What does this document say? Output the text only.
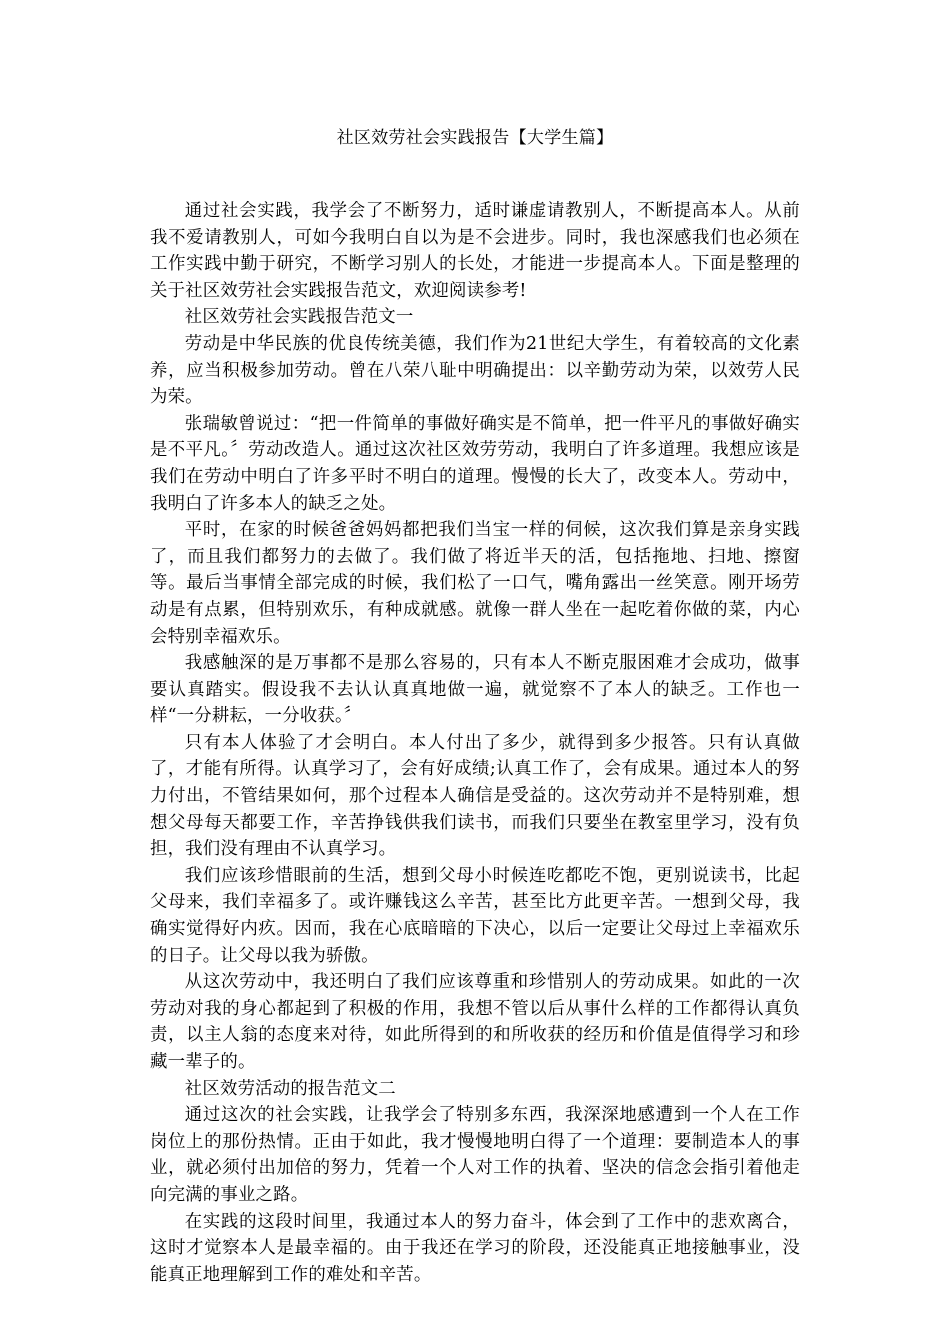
社区效劳社会实践报告【大学生篇】

通过社会实践，我学会了不断努力，适时谦虚请教别人，不断提高本人。从前我不爱请教别人，可如今我明白自以为是不会进步。同时，我也深感我们也必须在工作实践中勤于研究，不断学习别人的长处，才能进一步提高本人。下面是整理的关于社区效劳社会实践报告范文，欢迎阅读参考!

社区效劳社会实践报告范文一

劳动是中华民族的优良传统美德，我们作为21世纪大学生，有着较高的文化素养，应当积极参加劳动。曾在八荣八耻中明确提出：以辛勤劳动为荣，以效劳人民为荣。

张瑞敏曾说过：“把一件简单的事做好确实是不简单，把一件平凡的事做好确实是不平凡。〞劳动改造人。通过这次社区效劳劳动，我明白了许多道理。我想应该是我们在劳动中明白了许多平时不明白的道理。慢慢的长大了，改变本人。劳动中，我明白了许多本人的缺乏之处。

平时，在家的时候爸爸妈妈都把我们当宝一样的伺候，这次我们算是亲身实践了，而且我们都努力的去做了。我们做了将近半天的活，包括拖地、扫地、擦窗等。最后当事情全部完成的时候，我们松了一口气，嘴角露出一丝笑意。刚开场劳动是有点累，但特别欢乐，有种成就感。就像一群人坐在一起吃着你做的菜，内心会特别幸福欢乐。

我感触深的是万事都不是那么容易的，只有本人不断克服困难才会成功，做事要认真踏实。假设我不去认认真真地做一遍，就觉察不了本人的缺乏。工作也一样“一分耕耘，一分收获。〞

只有本人体验了才会明白。本人付出了多少，就得到多少报答。只有认真做了，才能有所得。认真学习了，会有好成绩;认真工作了，会有成果。通过本人的努力付出，不管结果如何，那个过程本人确信是受益的。这次劳动并不是特别难，想想父母每天都要工作，辛苦挣钱供我们读书，而我们只要坐在教室里学习，没有负担，我们没有理由不认真学习。

我们应该珍惜眼前的生活，想到父母小时候连吃都吃不饱，更别说读书，比起父母来，我们幸福多了。或许赚钱这么辛苦，甚至比方此更辛苦。一想到父母，我确实觉得好内疚。因而，我在心底暗暗的下决心，以后一定要让父母过上幸福欢乐的日子。让父母以我为骄傲。

从这次劳动中，我还明白了我们应该尊重和珍惜别人的劳动成果。如此的一次劳动对我的身心都起到了积极的作用，我想不管以后从事什么样的工作都得认真负责，以主人翁的态度来对待，如此所得到的和所收获的经历和价值是值得学习和珍藏一辈子的。

社区效劳活动的报告范文二

通过这次的社会实践，让我学会了特别多东西，我深深地感遭到一个人在工作岗位上的那份热情。正由于如此，我才慢慢地明白得了一个道理：要制造本人的事业，就必须付出加倍的努力，凭着一个人对工作的执着、坚决的信念会指引着他走向完满的事业之路。

在实践的这段时间里，我通过本人的努力奋斗，体会到了工作中的悲欢离合，这时才觉察本人是最幸福的。由于我还在学习的阶段，还没能真正地接触事业，没能真正地理解到工作的难处和辛苦。
